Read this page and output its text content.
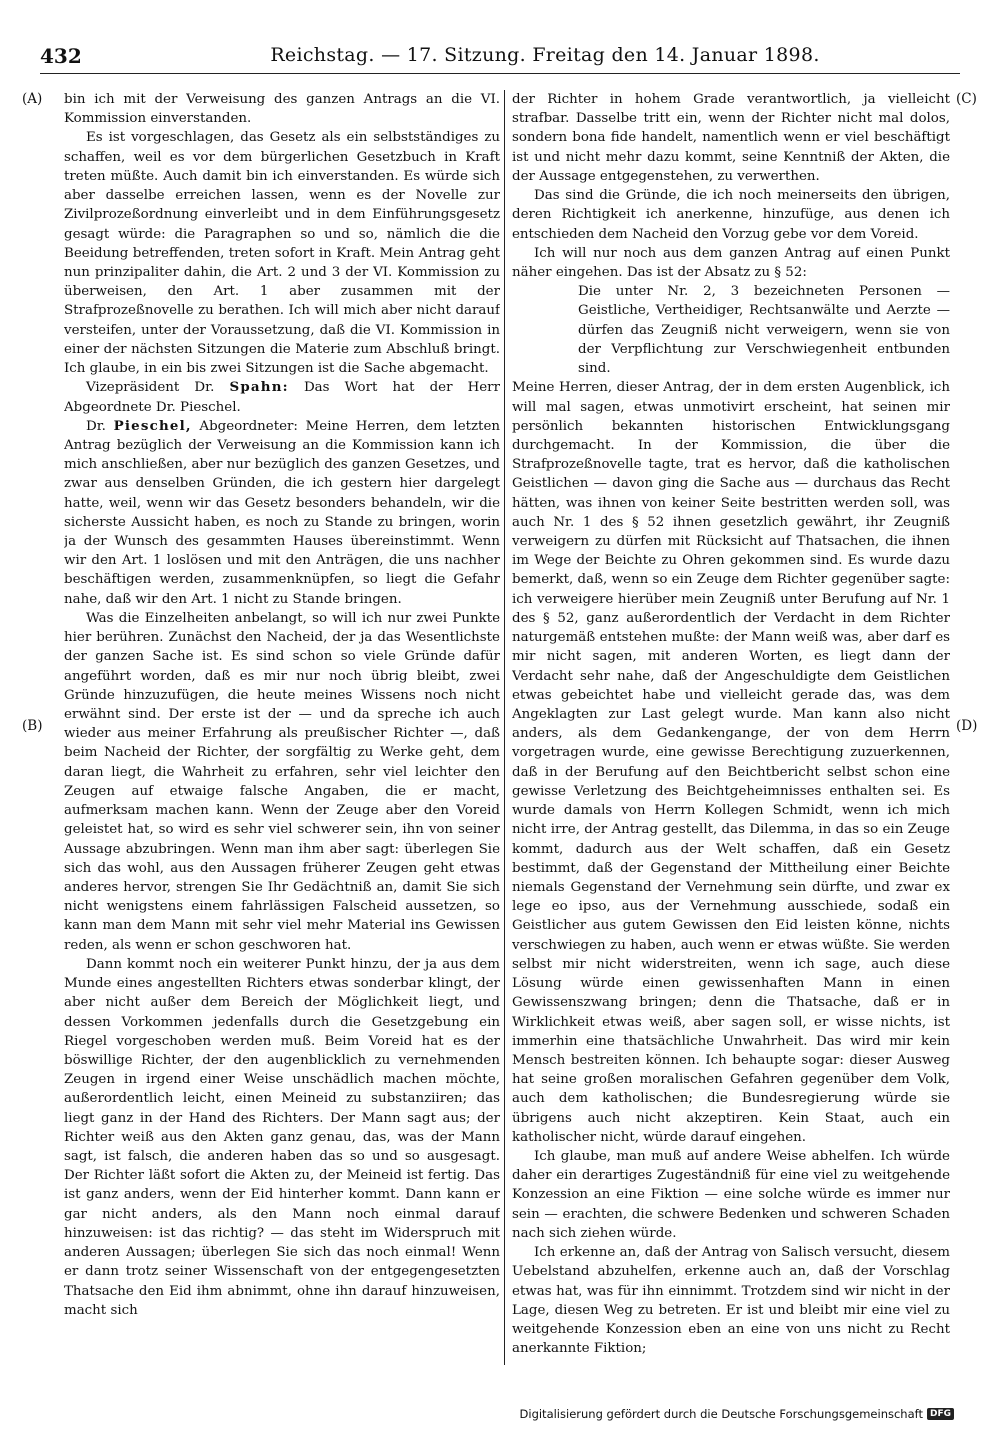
432	Reichstag. — 17. Sitzung. Freitag den 14. Januar 1898.
(A)
(B)
(C)
(D)

bin ich mit der Verweisung des ganzen Antrags an die VI. Kommission einverstanden.

Es ist vorgeschlagen, das Gesetz als ein selbstständiges zu schaffen, weil es vor dem bürgerlichen Gesetzbuch in Kraft treten müßte. Auch damit bin ich einverstanden. Es würde sich aber dasselbe erreichen lassen, wenn es der Novelle zur Zivilprozeßordnung einverleibt und in dem Einführungsgesetz gesagt würde: die Paragraphen so und so, nämlich die die Beeidung betreffenden, treten sofort in Kraft. Mein Antrag geht nun prinzipaliter dahin, die Art. 2 und 3 der VI. Kommission zu überweisen, den Art. 1 aber zusammen mit der Strafprozeßnovelle zu berathen. Ich will mich aber nicht darauf versteifen, unter der Voraussetzung, daß die VI. Kommission in einer der nächsten Sitzungen die Materie zum Abschluß bringt. Ich glaube, in ein bis zwei Sitzungen ist die Sache abgemacht.

Vizepräsident Dr. Spahn: Das Wort hat der Herr Abgeordnete Dr. Pieschel.

Dr. Pieschel, Abgeordneter: Meine Herren, dem letzten Antrag bezüglich der Verweisung an die Kommission kann ich mich anschließen, aber nur bezüglich des ganzen Gesetzes, und zwar aus denselben Gründen, die ich gestern hier dargelegt hatte, weil, wenn wir das Gesetz besonders behandeln, wir die sicherste Aussicht haben, es noch zu Stande zu bringen, worin ja der Wunsch des gesammten Hauses übereinstimmt. Wenn wir den Art. 1 loslösen und mit den Anträgen, die uns nachher beschäftigen werden, zusammenknüpfen, so liegt die Gefahr nahe, daß wir den Art. 1 nicht zu Stande bringen.

Was die Einzelheiten anbelangt, so will ich nur zwei Punkte hier berühren. Zunächst den Nacheid, der ja das Wesentlichste der ganzen Sache ist. Es sind schon so viele Gründe dafür angeführt worden, daß es mir nur noch übrig bleibt, zwei Gründe hinzuzufügen, die heute meines Wissens noch nicht erwähnt sind. Der erste ist der — und da spreche ich auch wieder aus meiner Erfahrung als preußischer Richter —, daß beim Nacheid der Richter, der sorgfältig zu Werke geht, dem daran liegt, die Wahrheit zu erfahren, sehr viel leichter den Zeugen auf etwaige falsche Angaben, die er macht, aufmerksam machen kann. Wenn der Zeuge aber den Voreid geleistet hat, so wird es sehr viel schwerer sein, ihn von seiner Aussage abzubringen. Wenn man ihm aber sagt: überlegen Sie sich das wohl, aus den Aussagen früherer Zeugen geht etwas anderes hervor, strengen Sie Ihr Gedächtniß an, damit Sie sich nicht wenigstens einem fahrlässigen Falscheid aussetzen, so kann man dem Mann mit sehr viel mehr Material ins Gewissen reden, als wenn er schon geschworen hat.

Dann kommt noch ein weiterer Punkt hinzu, der ja aus dem Munde eines angestellten Richters etwas sonderbar klingt, der aber nicht außer dem Bereich der Möglichkeit liegt, und dessen Vorkommen jedenfalls durch die Gesetzgebung ein Riegel vorgeschoben werden muß. Beim Voreid hat es der böswillige Richter, der den augenblicklich zu vernehmenden Zeugen in irgend einer Weise unschädlich machen möchte, außerordentlich leicht, einen Meineid zu substanziiren; das liegt ganz in der Hand des Richters. Der Mann sagt aus; der Richter weiß aus den Akten ganz genau, das, was der Mann sagt, ist falsch, die anderen haben das so und so ausgesagt. Der Richter läßt sofort die Akten zu, der Meineid ist fertig. Das ist ganz anders, wenn der Eid hinterher kommt. Dann kann er gar nicht anders, als den Mann noch einmal darauf hinzuweisen: ist das richtig? — das steht im Widerspruch mit anderen Aussagen; überlegen Sie sich das noch einmal! Wenn er dann trotz seiner Wissenschaft von der entgegengesetzten Thatsache den Eid ihm abnimmt, ohne ihn darauf hinzuweisen, macht sich

der Richter in hohem Grade verantwortlich, ja vielleicht strafbar. Dasselbe tritt ein, wenn der Richter nicht mal dolos, sondern bona fide handelt, namentlich wenn er viel beschäftigt ist und nicht mehr dazu kommt, seine Kenntniß der Akten, die der Aussage entgegenstehen, zu verwerthen.

Das sind die Gründe, die ich noch meinerseits den übrigen, deren Richtigkeit ich anerkenne, hinzufüge, aus denen ich entschieden dem Nacheid den Vorzug gebe vor dem Voreid.

Ich will nur noch aus dem ganzen Antrag auf einen Punkt näher eingehen. Das ist der Absatz zu § 52:

Die unter Nr. 2, 3 bezeichneten Personen — Geistliche, Vertheidiger, Rechtsanwälte und Aerzte — dürfen das Zeugniß nicht verweigern, wenn sie von der Verpflichtung zur Verschwiegenheit entbunden sind.

Meine Herren, dieser Antrag, der in dem ersten Augenblick, ich will mal sagen, etwas unmotivirt erscheint, hat seinen mir persönlich bekannten historischen Entwicklungsgang durchgemacht. In der Kommission, die über die Strafprozeßnovelle tagte, trat es hervor, daß die katholischen Geistlichen — davon ging die Sache aus — durchaus das Recht hätten, was ihnen von keiner Seite bestritten werden soll, was auch Nr. 1 des § 52 ihnen gesetzlich gewährt, ihr Zeugniß verweigern zu dürfen mit Rücksicht auf Thatsachen, die ihnen im Wege der Beichte zu Ohren gekommen sind. Es wurde dazu bemerkt, daß, wenn so ein Zeuge dem Richter gegenüber sagte: ich verweigere hierüber mein Zeugniß unter Berufung auf Nr. 1 des § 52, ganz außerordentlich der Verdacht in dem Richter naturgemäß entstehen mußte: der Mann weiß was, aber darf es mir nicht sagen, mit anderen Worten, es liegt dann der Verdacht sehr nahe, daß der Angeschuldigte dem Geistlichen etwas gebeichtet habe und vielleicht gerade das, was dem Angeklagten zur Last gelegt wurde. Man kann also nicht anders, als dem Gedankengange, der von dem Herrn vorgetragen wurde, eine gewisse Berechtigung zuzuerkennen, daß in der Berufung auf den Beichtbericht selbst schon eine gewisse Verletzung des Beichtgeheimnisses enthalten sei. Es wurde damals von Herrn Kollegen Schmidt, wenn ich mich nicht irre, der Antrag gestellt, das Dilemma, in das so ein Zeuge kommt, dadurch aus der Welt schaffen, daß ein Gesetz bestimmt, daß der Gegenstand der Mittheilung einer Beichte niemals Gegenstand der Vernehmung sein dürfte, und zwar ex lege eo ipso, aus der Vernehmung ausschiede, sodaß ein Geistlicher aus gutem Gewissen den Eid leisten könne, nichts verschwiegen zu haben, auch wenn er etwas wüßte. Sie werden selbst mir nicht widerstreiten, wenn ich sage, auch diese Lösung würde einen gewissenhaften Mann in einen Gewissenszwang bringen; denn die Thatsache, daß er in Wirklichkeit etwas weiß, aber sagen soll, er wisse nichts, ist immerhin eine thatsächliche Unwahrheit. Das wird mir kein Mensch bestreiten können. Ich behaupte sogar: dieser Ausweg hat seine großen moralischen Gefahren gegenüber dem Volk, auch dem katholischen; die Bundesregierung würde sie übrigens auch nicht akzeptiren. Kein Staat, auch ein katholischer nicht, würde darauf eingehen.

Ich glaube, man muß auf andere Weise abhelfen. Ich würde daher ein derartiges Zugeständniß für eine viel zu weitgehende Konzession an eine Fiktion — eine solche würde es immer nur sein — erachten, die schwere Bedenken und schweren Schaden nach sich ziehen würde.

Ich erkenne an, daß der Antrag von Salisch versucht, diesem Uebelstand abzuhelfen, erkenne auch an, daß der Vorschlag etwas hat, was für ihn einnimmt. Trotzdem sind wir nicht in der Lage, diesen Weg zu betreten. Er ist und bleibt mir eine viel zu weitgehende Konzession eben an eine von uns nicht zu Recht anerkannte Fiktion;

Digitalisierung gefördert durch die Deutsche Forschungsgemeinschaft DFG
